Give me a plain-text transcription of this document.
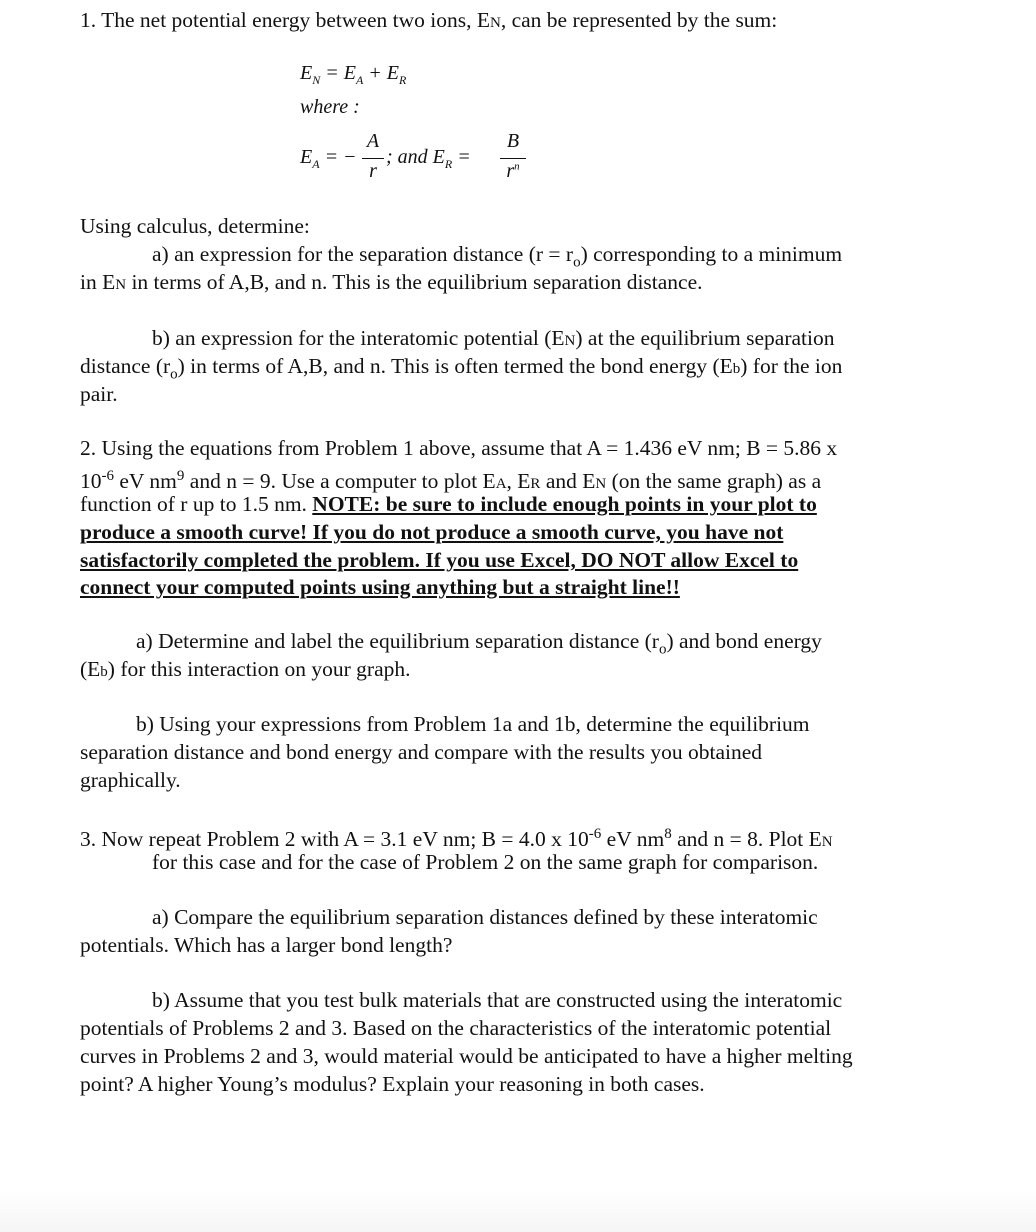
1. The net potential energy between two ions, EN, can be represented by the sum:
$E_N = E_A + E_R$
where :
$E_A$ = −
A
r
; and $E_R$ =
B
$r^n$
Using calculus, determine:
a) an expression for the separation distance $(r = r_o)$ corresponding to a minimum
in EN in terms of A,B, and n. This is the equilibrium separation distance.
b) an expression for the interatomic potential (EN) at the equilibrium separation
distance $(r_o)$ in terms of A,B, and n. This is often termed the bond energy (Eb) for the ion
pair.
2. Using the equations from Problem 1 above, assume that A = 1.436 eV nm; B = 5.86 x
$10^{-6}$ eV $nm^9$ and n = 9. Use a computer to plot EA, ER and EN (on the same graph) as a
function of r up to 1.5 nm. NOTE: be sure to include enough points in your plot to
produce a smooth curve! If you do not produce a smooth curve, you have not
satisfactorily completed the problem. If you use Excel, DO NOT allow Excel to
connect your computed points using anything but a straight line!!
a) Determine and label the equilibrium separation distance $(r_o)$ and bond energy
(Eb) for this interaction on your graph.
b) Using your expressions from Problem 1a and 1b, determine the equilibrium
separation distance and bond energy and compare with the results you obtained
graphically.
3. Now repeat Problem 2 with A = 3.1 eV nm; B = 4.0 x $10^{-6}$ eV $nm^8$ and n = 8. Plot EN
for this case and for the case of Problem 2 on the same graph for comparison.
a) Compare the equilibrium separation distances defined by these interatomic
potentials. Which has a larger bond length?
b) Assume that you test bulk materials that are constructed using the interatomic
potentials of Problems 2 and 3. Based on the characteristics of the interatomic potential
curves in Problems 2 and 3, would material would be anticipated to have a higher melting
point? A higher Young’s modulus? Explain your reasoning in both cases.
